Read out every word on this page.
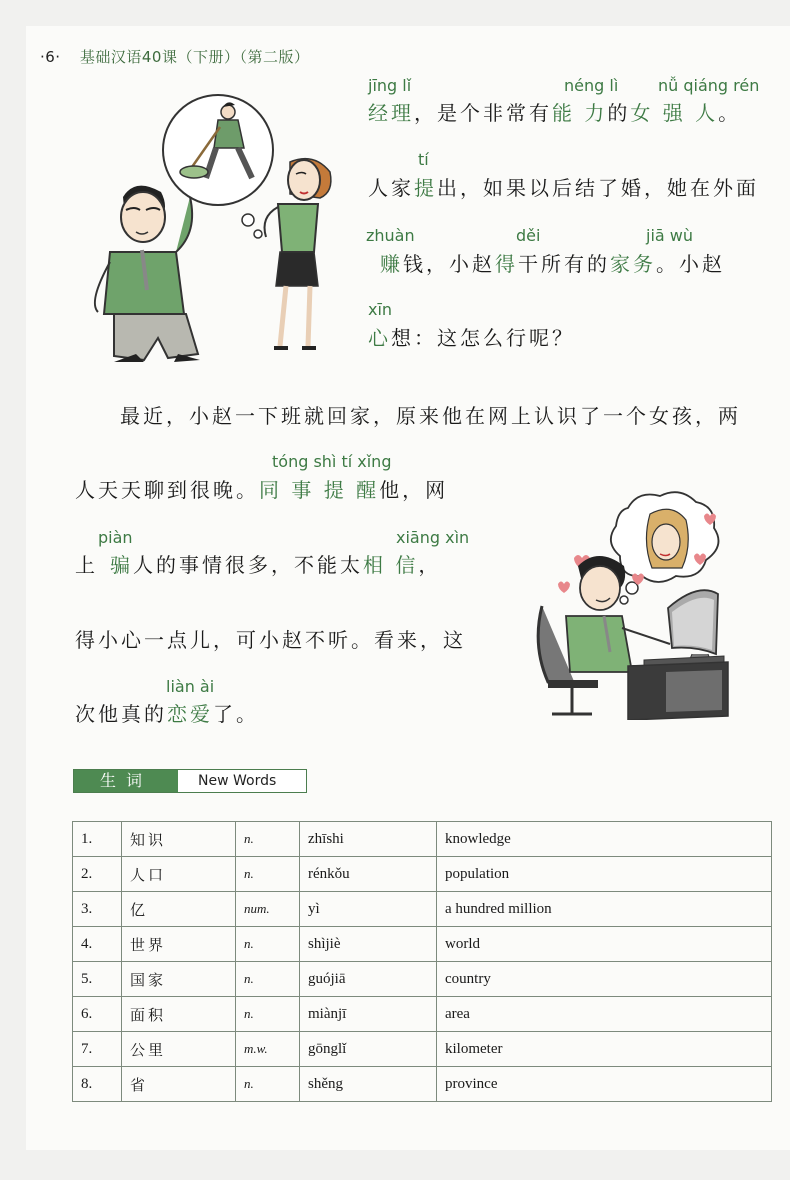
·6· 基础汉语40课（下册）（第二版）
jīng lǐ	néng lì nǚ qiáng rén
经理，是个非常有能 力的女 强 人。
tí
人家提出，如果以后结了婚，她在外面
zhuàn	děi	jiā wù
赚钱，小赵得干所有的家务。小赵
xīn
心想：这怎么行呢？
最近，小赵一下班就回家，原来他在网上认识了一个女孩，两
tóng shì tí xǐng
人天天聊到很晚。同 事 提 醒他，网
piàn	xiāng xìn
上 骗人的事情很多，不能太相 信，
得小心一点儿，可小赵不听。看来，这
liàn ài
次他真的恋爱了。
生词	New Words
1.	知识	n.	zhīshi	knowledge
2.	人口	n.	rénkǒu	population
3.	亿	num.	yì	a hundred million
4.	世界	n.	shìjiè	world
5.	国家	n.	guójiā	country
6.	面积	n.	miànjī	area
7.	公里	m.w.	gōnglǐ	kilometer
8.	省	n.	shěng	province
